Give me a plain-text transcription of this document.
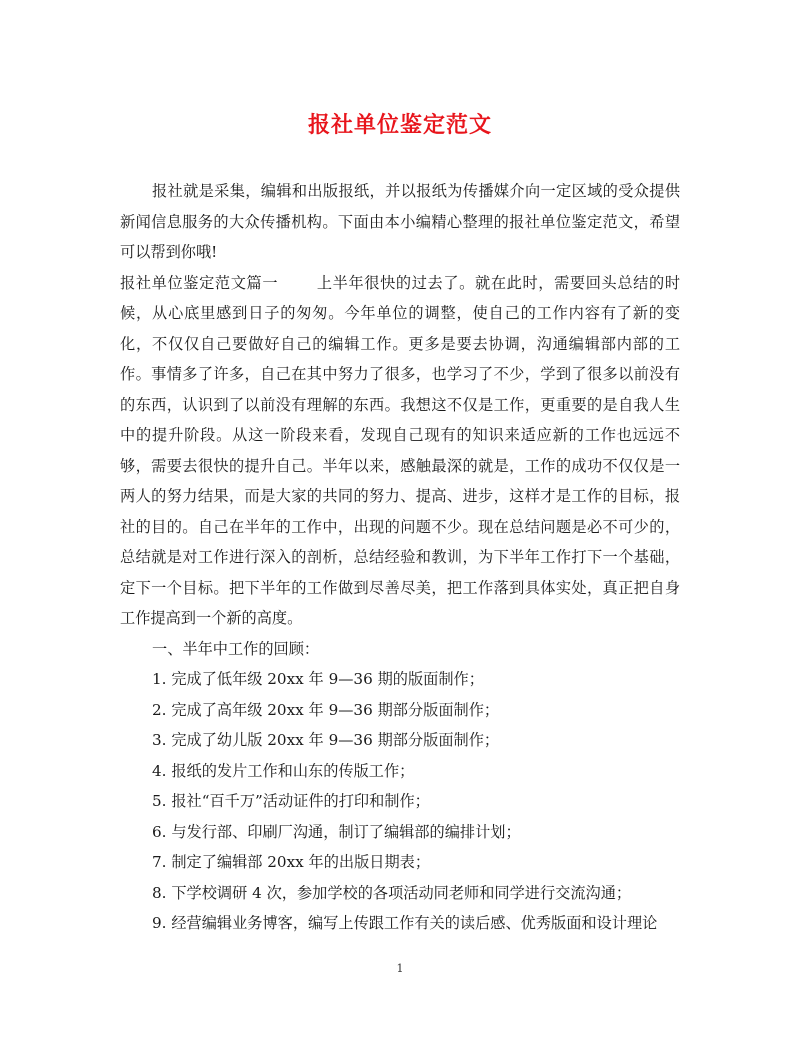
报社单位鉴定范文

报社就是采集，编辑和出版报纸，并以报纸为传播媒介向一定区域的受众提供新闻信息服务的大众传播机构。下面由本小编精心整理的报社单位鉴定范文，希望可以帮到你哦!

报社单位鉴定范文篇一	上半年很快的过去了。就在此时，需要回头总结的时候，从心底里感到日子的匆匆。今年单位的调整，使自己的工作内容有了新的变化，不仅仅自己要做好自己的编辑工作。更多是要去协调，沟通编辑部内部的工作。事情多了许多，自己在其中努力了很多，也学习了不少，学到了很多以前没有的东西，认识到了以前没有理解的东西。我想这不仅是工作，更重要的是自我人生中的提升阶段。从这一阶段来看，发现自己现有的知识来适应新的工作也远远不够，需要去很快的提升自己。半年以来，感触最深的就是，工作的成功不仅仅是一两人的努力结果，而是大家的共同的努力、提高、进步，这样才是工作的目标，报社的目的。自己在半年的工作中，出现的问题不少。现在总结问题是必不可少的，总结就是对工作进行深入的剖析，总结经验和教训，为下半年工作打下一个基础，定下一个目标。把下半年的工作做到尽善尽美，把工作落到具体实处，真正把自身工作提高到一个新的高度。

一、半年中工作的回顾：

1. 完成了低年级 20xx 年 9—36 期的版面制作；

2. 完成了高年级 20xx 年 9—36 期部分版面制作；

3. 完成了幼儿版 20xx 年 9—36 期部分版面制作；

4. 报纸的发片工作和山东的传版工作；

5. 报社“百千万”活动证件的打印和制作；

6. 与发行部、印刷厂沟通，制订了编辑部的编排计划；

7. 制定了编辑部 20xx 年的出版日期表；

8. 下学校调研 4 次，参加学校的各项活动同老师和同学进行交流沟通；

9. 经营编辑业务博客，编写上传跟工作有关的读后感、优秀版面和设计理论

1
